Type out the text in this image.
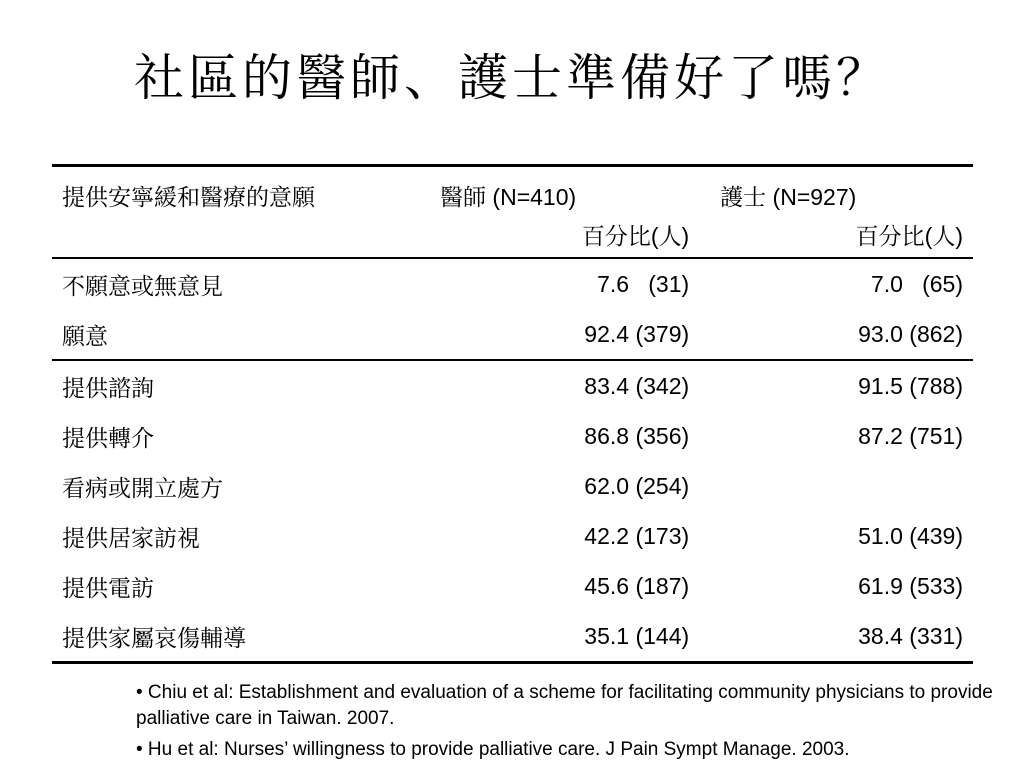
社區的醫師、護士準備好了嗎？
提供安寧緩和醫療的意願	醫師 (N=410)	護士 (N=927)
	百分比(人)	百分比(人)
不願意或無意見	7.6   (31)	7.0   (65)
願意	92.4 (379)	93.0 (862)
提供諮詢	83.4 (342)	91.5 (788)
提供轉介	86.8 (356)	87.2 (751)
看病或開立處方	62.0 (254)	
提供居家訪視	42.2 (173)	51.0 (439)
提供電訪	45.6 (187)	61.9 (533)
提供家屬哀傷輔導	35.1 (144)	38.4 (331)

• Chiu et al: Establishment and evaluation of a scheme for facilitating community physicians to provide palliative care in Taiwan. 2007.

• Hu et al: Nurses’ willingness to provide palliative care. J Pain Sympt Manage. 2003.
